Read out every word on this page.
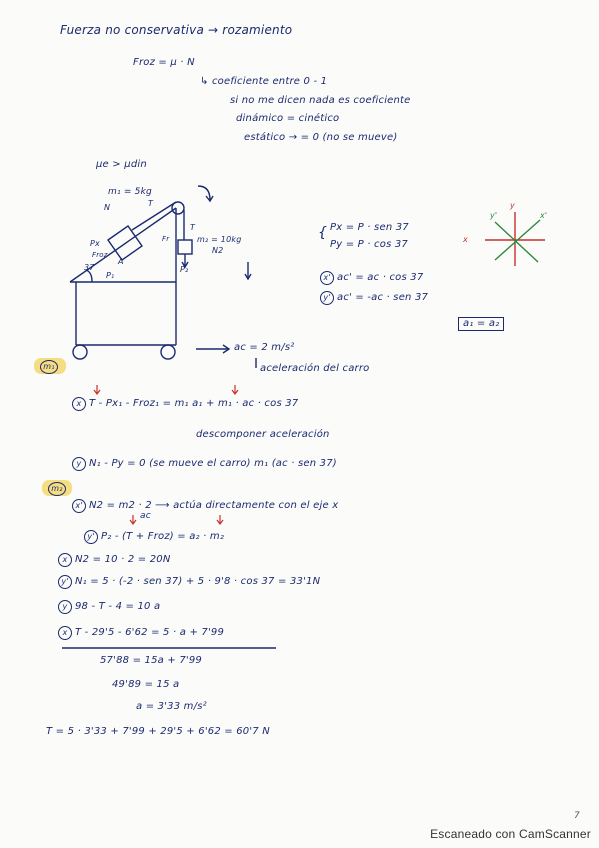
Fuerza no conservativa → rozamiento
Froz = μ · N
↳ coeficiente entre 0 - 1
si no me dicen nada es coeficiente
dinámico = cinético
estático → = 0 (no se mueve)
μe > μdin
m₁ = 5kg
m₂ = 10kg
N	T
T
Px
Froz
A
P₁
37
N2
P₂
Fr	{ Px = P · sen 37
Py = P · cos 37
x' ac' = ac · cos 37
y' ac' = -ac · sen 37
a₁ = a₂
x
y
x'
y'
ac = 2 m/s²
aceleración del carro
m₁
x T - Px₁ - Froz₁ = m₁ a₁ + m₁ · ac · cos 37
descomponer aceleración
y N₁ - Py = 0 (se mueve el carro) m₁ (ac · sen 37)
m₂
x' N2 = m2 · 2 ⟶ actúa directamente con el eje x
ac
y' P₂ - (T + Froz) = a₂ · m₂
x N2 = 10 · 2 = 20N
y' N₁ = 5 · (-2 · sen 37) + 5 · 9'8 · cos 37 = 33'1N
y 98 - T - 4 = 10 a
x T - 29'5 - 6'62 = 5 · a + 7'99
57'88 = 15a + 7'99
49'89 = 15 a
a = 3'33 m/s²
T = 5 · 3'33 + 7'99 + 29'5 + 6'62 = 60'7 N
7
Escaneado con CamScanner
